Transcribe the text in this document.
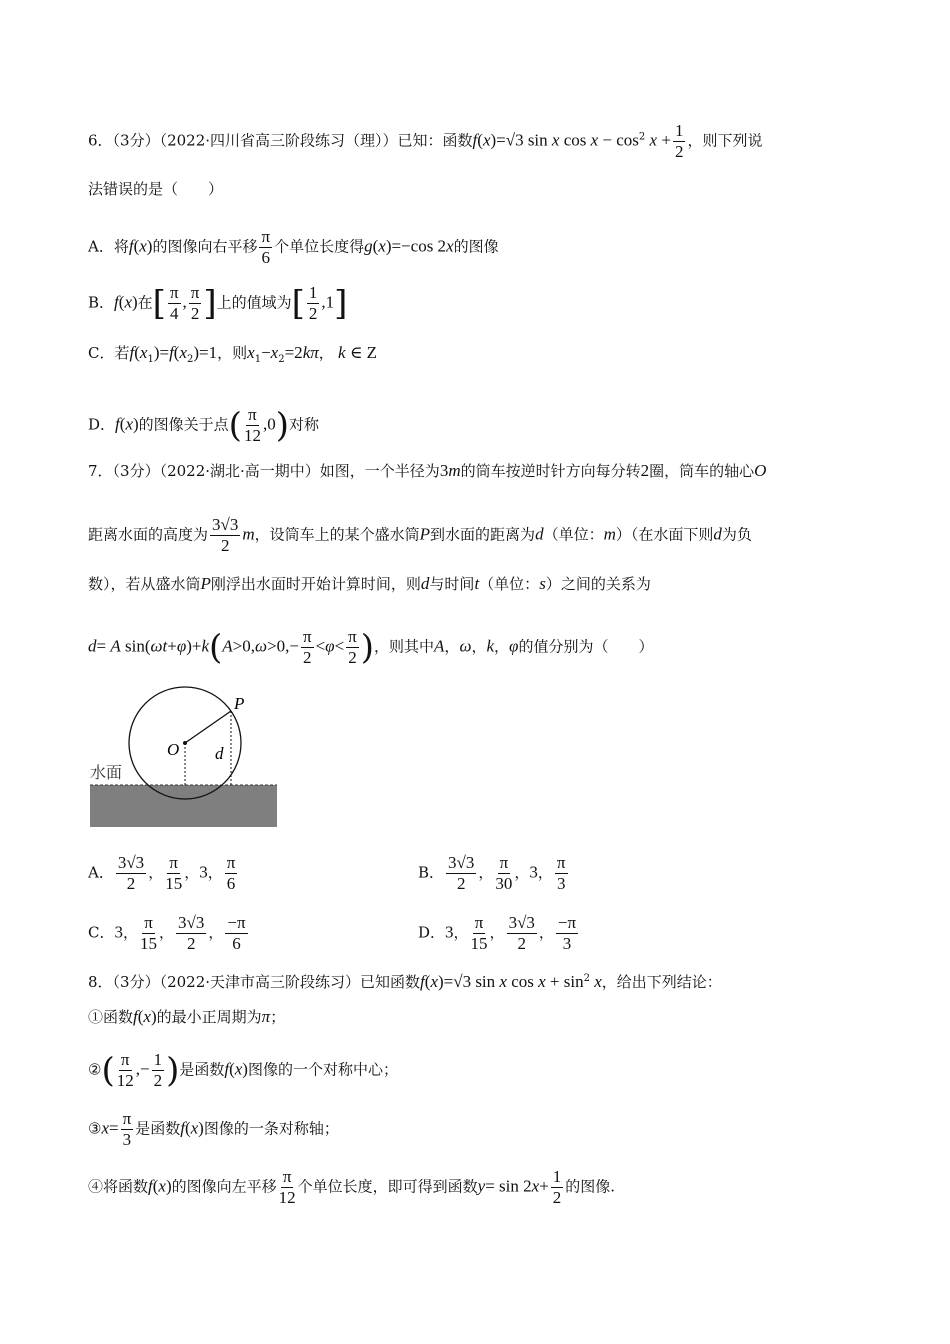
6．（3分）（2022·四川省高三阶段练习（理））已知：函数f(x)=√3 sin x $\cos x - \cos^2 x + \frac{1}{2}$ ，则下列说
法错误的是（　　）
A．将f(x)的图像向右平移 $\frac{\pi}{6}$ 个单位长度得g(x)=−cos 2x的图像
B．f(x)在[ $\frac{\pi}{4}$ , $\frac{\pi}{2}$ ]上的值域为[ $\frac{1}{2} ,1$]
C．若$f(x_1)=f(x_2)=1$，则$x_1-x_2=2k\pi$， k ∈ Z
D．f(x)的图像关于点( $\frac{\pi}{12} ,0$)对称
7．（3分）（2022·湖北·高一期中）如图，一个半径为3m的筒车按逆时针方向每分转2圈，筒车的轴心O
距离水面的高度为 $\frac{3√3}{2}$ m，设筒车上的某个盛水筒P到水面的距离为d（单位：m）（在水面下则d为负
数），若从盛水筒P刚浮出水面时开始计算时间，则d与时间t（单位：s）之间的关系为
d= A $\sin(\omega t+\varphi)+k(A>0,\omega>0,- \frac{\pi}{2} <\varphi< \frac{\pi}{2}$ )，则其中A，ω，k，φ的值分别为（　　）
P
O d
水面
A． $\frac{3√3}{2}$ ， $\frac{\pi}{15}$ ，3， $\frac{\pi}{6}$	B． $\frac{3√3}{2}$ ， $\frac{\pi}{30}$ ，3， $\frac{\pi}{3}$
C．3， $\frac{\pi}{15}$ ， $\frac{3√3}{2}$ ， $\frac{-\pi}{6}$	D．3， $\frac{\pi}{15}$ ， $\frac{3√3}{2}$ ， $\frac{-\pi}{3}$
8．（3分）（2022·天津市高三阶段练习）已知函数f(x)=√3 sin x $\cos x + \sin^2 x$，给出下列结论：
①函数f(x)的最小正周期为π；
②( $\frac{\pi}{12}$ ,− $\frac{1}{2}$ )是函数f(x)图像的一个对称中心；
③x= $\frac{\pi}{3}$ 是函数f(x)图像的一条对称轴；
④将函数f(x)的图像向左平移 $\frac{\pi}{12}$ 个单位长度，即可得到函数$y= \sin 2x+ \frac{1}{2}$ 的图像.
